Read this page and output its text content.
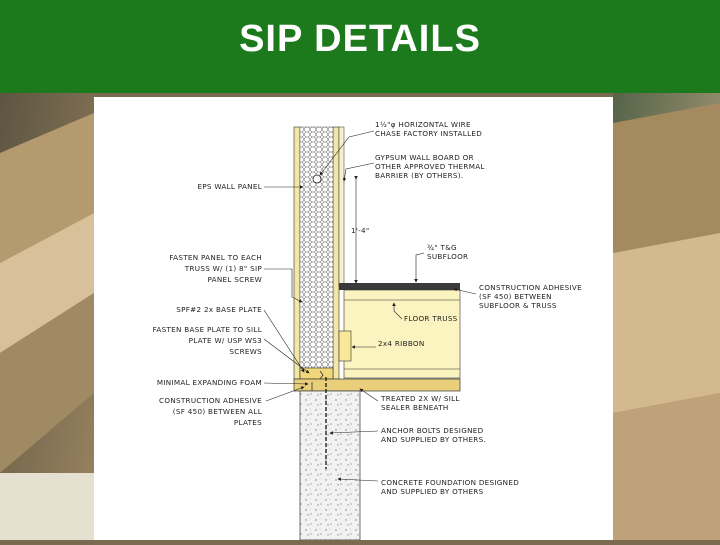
SIP DETAILS
1'-4"
1½"φ HORIZONTAL WIRE
CHASE FACTORY INSTALLED
GYPSUM WALL BOARD OR
OTHER APPROVED THERMAL
BARRIER (BY OTHERS).
¾" T&G
SUBFLOOR
CONSTRUCTION ADHESIVE
(SF 450) BETWEEN
SUBFLOOR & TRUSS
FLOOR TRUSS
2x4 RIBBON
TREATED 2X W/ SILL
SEALER BENEATH
ANCHOR BOLTS DESIGNED
AND SUPPLIED BY OTHERS.
CONCRETE FOUNDATION DESIGNED
AND SUPPLIED BY OTHERS
EPS WALL PANEL
FASTEN PANEL TO EACH
TRUSS W/ (1) 8" SIP
PANEL SCREW
SPF#2 2x BASE PLATE
FASTEN BASE PLATE TO SILL
PLATE W/ USP WS3
SCREWS
MINIMAL EXPANDING FOAM
CONSTRUCTION ADHESIVE
(SF 450) BETWEEN ALL
PLATES
